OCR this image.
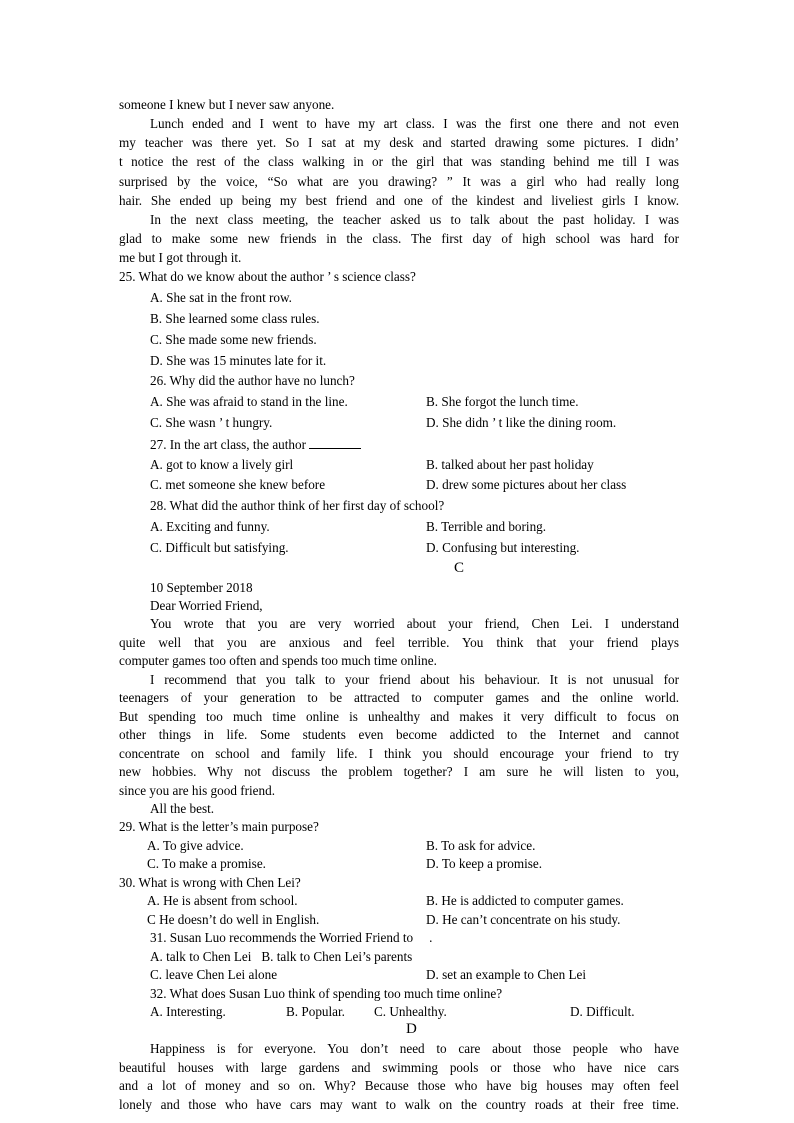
someone I knew but I never saw anyone.
Lunch ended and I went to have my art class. I was the first one there and not even
my teacher was there yet. So I sat at my desk and started drawing some pictures. I didn’
t notice the rest of the class walking in or the girl that was standing behind me till I was
surprised by the voice, “So what are you drawing? ” It was a girl who had really long
hair. She ended up being my best friend and one of the kindest and liveliest girls I know.
In the next class meeting, the teacher asked us to talk about the past holiday. I was
glad to make some new friends in the class. The first day of high school was hard for
me but I got through it.
25. What do we know about the author ’ s science class?
A. She sat in the front row.
B. She learned some class rules.
C. She made some new friends.
D. She was 15 minutes late for it.
26. Why did the author have no lunch?
A. She was afraid to stand in the line.	B. She forgot the lunch time.
C. She wasn ’ t hungry.	D. She didn ’ t like the dining room.
27. In the art class, the author
A. got to know a lively girl	B. talked about her past holiday
C. met someone she knew before	D. drew some pictures about her class
28. What did the author think of her first day of school?
A. Exciting and funny.	B. Terrible and boring.
C. Difficult but satisfying.	D. Confusing but interesting.
C
10 September 2018
Dear Worried Friend,
You wrote that you are very worried about your friend, Chen Lei. I understand
quite well that you are anxious and feel terrible. You think that your friend plays
computer games too often and spends too much time online.
I recommend that you talk to your friend about his behaviour. It is not unusual for
teenagers of your generation to be attracted to computer games and the online world.
But spending too much time online is unhealthy and makes it very difficult to focus on
other things in life. Some students even become addicted to the Internet and cannot
concentrate on school and family life. I think you should encourage your friend to try
new hobbies. Why not discuss the problem together? I am sure he will listen to you,
since you are his good friend.
All the best.
29. What is the letter’s main purpose?
A. To give advice.	B. To ask for advice.
C. To make a promise.	D. To keep a promise.
30. What is wrong with Chen Lei?
A. He is absent from school.	B. He is addicted to computer games.
C He doesn’t do well in English.	D. He can’t concentrate on his study.
31. Susan Luo recommends the Worried Friend to .
A. talk to Chen Lei B. talk to Chen Lei’s parents
C. leave Chen Lei alone	D. set an example to Chen Lei
32. What does Susan Luo think of spending too much time online?
A. Interesting.	B. Popular. C. Unhealthy.	D. Difficult.
D
Happiness is for everyone. You don’t need to care about those people who have
beautiful houses with large gardens and swimming pools or those who have nice cars
and a lot of money and so on. Why? Because those who have big houses may often feel
lonely and those who have cars may want to walk on the country roads at their free time.
